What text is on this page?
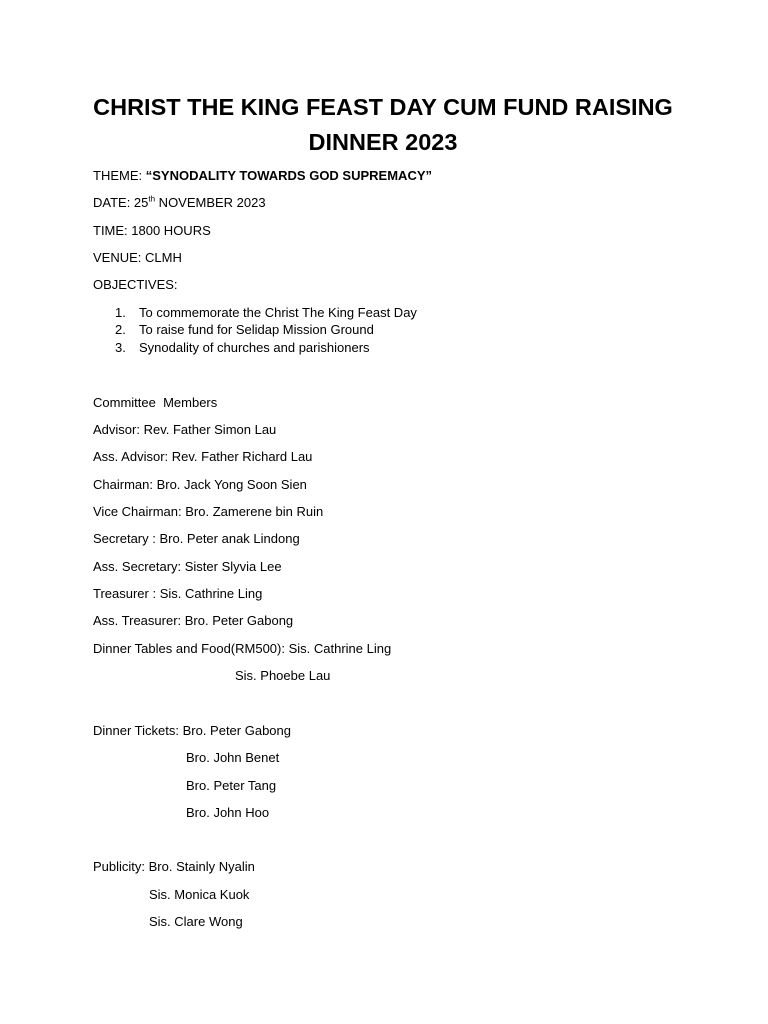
CHRIST THE KING FEAST DAY CUM FUND RAISING DINNER 2023
THEME: “SYNODALITY TOWARDS GOD SUPREMACY”
DATE: 25th NOVEMBER 2023
TIME: 1800 HOURS
VENUE: CLMH
OBJECTIVES:
1. To commemorate the Christ The King Feast Day
2. To raise fund for Selidap Mission Ground
3. Synodality of churches and parishioners
Committee  Members
Advisor: Rev. Father Simon Lau
Ass. Advisor: Rev. Father Richard Lau
Chairman: Bro. Jack Yong Soon Sien
Vice Chairman: Bro. Zamerene bin Ruin
Secretary : Bro. Peter anak Lindong
Ass. Secretary: Sister Slyvia Lee
Treasurer : Sis. Cathrine Ling
Ass. Treasurer: Bro. Peter Gabong
Dinner Tables and Food(RM500): Sis. Cathrine Ling
Sis. Phoebe Lau
Dinner Tickets: Bro. Peter Gabong
Bro. John Benet
Bro. Peter Tang
Bro. John Hoo
Publicity: Bro. Stainly Nyalin
Sis. Monica Kuok
Sis. Clare Wong
